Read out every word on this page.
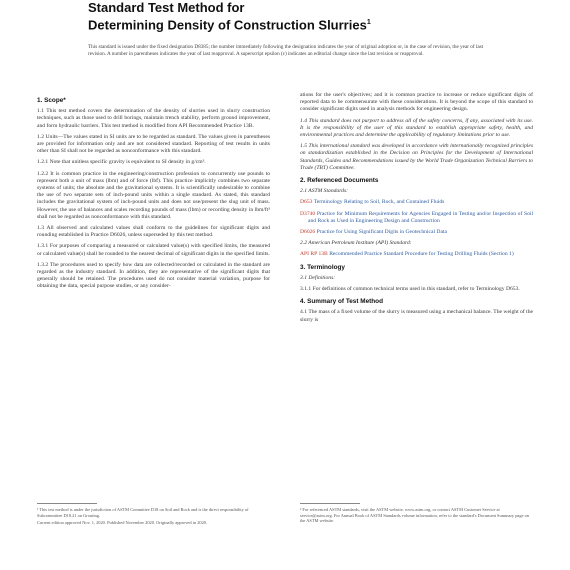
Standard Test Method for
Determining Density of Construction Slurries$^1$
This standard is issued under the fixed designation D8385; the number immediately following the designation indicates the year of original adoption or, in the case of revision, the year of last revision. A number in parentheses indicates the year of last reapproval. A superscript epsilon (ε) indicates an editorial change since the last revision or reapproval.
1. Scope*

1.1 This test method covers the determination of the density of slurries used in slurry construction techniques, such as those used to drill borings, maintain trench stability, perform ground improvement, and form hydraulic barriers. This test method is modified from API Recommended Practice 13B.

1.2 Units—The values stated in SI units are to be regarded as standard. The values given in parentheses are provided for information only and are not considered standard. Reporting of test results in units other than SI shall not be regarded as nonconformance with this standard.

1.2.1 Note that unitless specific gravity is equivalent to SI density in g/cm³.

1.2.2 It is common practice in the engineering/construction profession to concurrently use pounds to represent both a unit of mass (lbm) and of force (lbf). This practice implicitly combines two separate systems of units; the absolute and the gravitational systems. It is scientifically undesirable to combine the use of two separate sets of inch-pound units within a single standard. As stated, this standard includes the gravitational system of inch-pound units and does not use/present the slug unit of mass. However, the use of balances and scales recording pounds of mass (lbm) or recording density in lbm/ft³ shall not be regarded as nonconformance with this standard.

1.3 All observed and calculated values shall conform to the guidelines for significant digits and rounding established in Practice D6026, unless superseded by this test method.

1.3.1 For purposes of comparing a measured or calculated value(s) with specified limits, the measured or calculated value(s) shall be rounded to the nearest decimal of significant digits in the specified limits.

1.3.2 The procedures used to specify how data are collected/recorded or calculated in the standard are regarded as the industry standard. In addition, they are representative of the significant digits that generally should be retained. The procedures used do not consider material variation, purpose for obtaining the data, special purpose studies, or any consider-

ations for the user's objectives; and it is common practice to increase or reduce significant digits of reported data to be commensurate with these considerations. It is beyond the scope of this standard to consider significant digits used in analysis methods for engineering design.

1.4 This standard does not purport to address all of the safety concerns, if any, associated with its use. It is the responsibility of the user of this standard to establish appropriate safety, health, and environmental practices and determine the applicability of regulatory limitations prior to use.

1.5 This international standard was developed in accordance with internationally recognized principles on standardization established in the Decision on Principles for the Development of International Standards, Guides and Recommendations issued by the World Trade Organization Technical Barriers to Trade (TBT) Committee.

2. Referenced Documents

2.1 ASTM Standards:

D653 Terminology Relating to Soil, Rock, and Contained Fluids

D3740 Practice for Minimum Requirements for Agencies Engaged in Testing and/or Inspection of Soil and Rock as Used in Engineering Design and Construction

D6026 Practice for Using Significant Digits in Geotechnical Data

2.2 American Petroleum Institute (API) Standard:

API RP 13B Recommended Practice Standard Procedure for Testing Drilling Fluids (Section 1)

3. Terminology

3.1 Definitions:

3.1.1 For definitions of common technical terms used in this standard, refer to Terminology D653.

4. Summary of Test Method

4.1 The mass of a fixed volume of the slurry is measured using a mechanical balance. The weight of the slurry is

¹ This test method is under the jurisdiction of ASTM Committee D18 on Soil and Rock and is the direct responsibility of Subcommittee D18.21 on Grouting.

Current edition approved Nov. 1, 2020. Published November 2020. Originally approved in 2020.

² For referenced ASTM standards, visit the ASTM website, www.astm.org, or contact ASTM Customer Service at service@astm.org. For Annual Book of ASTM Standards volume information, refer to the standard's Document Summary page on the ASTM website.
